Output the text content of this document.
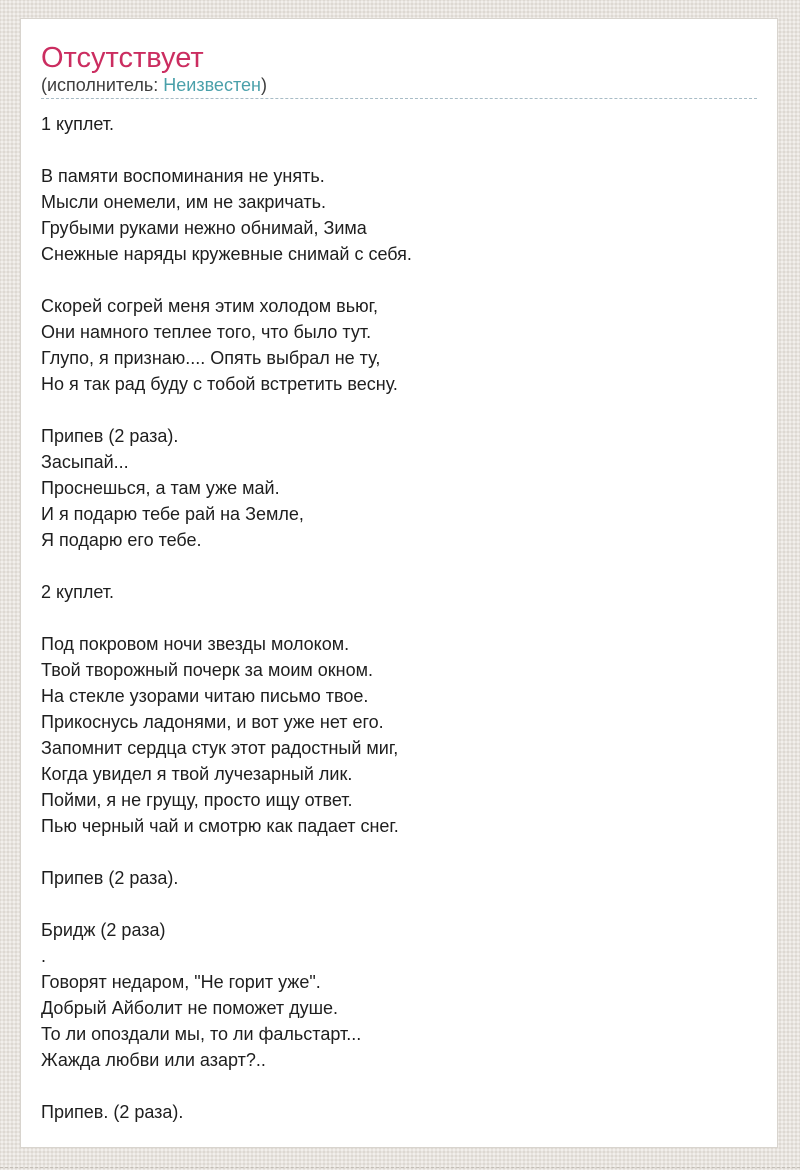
Отсутствует
(исполнитель: Неизвестен)
1 куплет.

В памяти воспоминания не унять.
Мысли онемели, им не закричать.
Грубыми руками нежно обнимай, Зима
Снежные наряды кружевные снимай с себя.

Скорей согрей меня этим холодом вьюг,
Они намного теплее того, что было тут.
Глупо, я признаю.... Опять выбрал не ту,
Но я так рад буду с тобой встретить весну.

Припев (2 раза).
Засыпай...
Проснешься, а там уже май.
И я подарю тебе рай на Земле,
Я подарю его тебе.

2 куплет.

Под покровом ночи звезды молоком.
Твой творожный почерк за моим окном.
На стекле узорами читаю письмо твое.
Прикоснусь ладонями, и вот уже нет его.
Запомнит сердца стук этот радостный миг,
Когда увидел я твой лучезарный лик.
Пойми, я не грущу, просто ищу ответ.
Пью черный чай и смотрю как падает снег.

Припев (2 раза).

Бридж (2 раза)
.
Говорят недаром, "Не горит уже".
Добрый Айболит не поможет душе.
То ли опоздали мы, то ли фальстарт...
Жажда любви или азарт?..

Припев. (2 раза).
